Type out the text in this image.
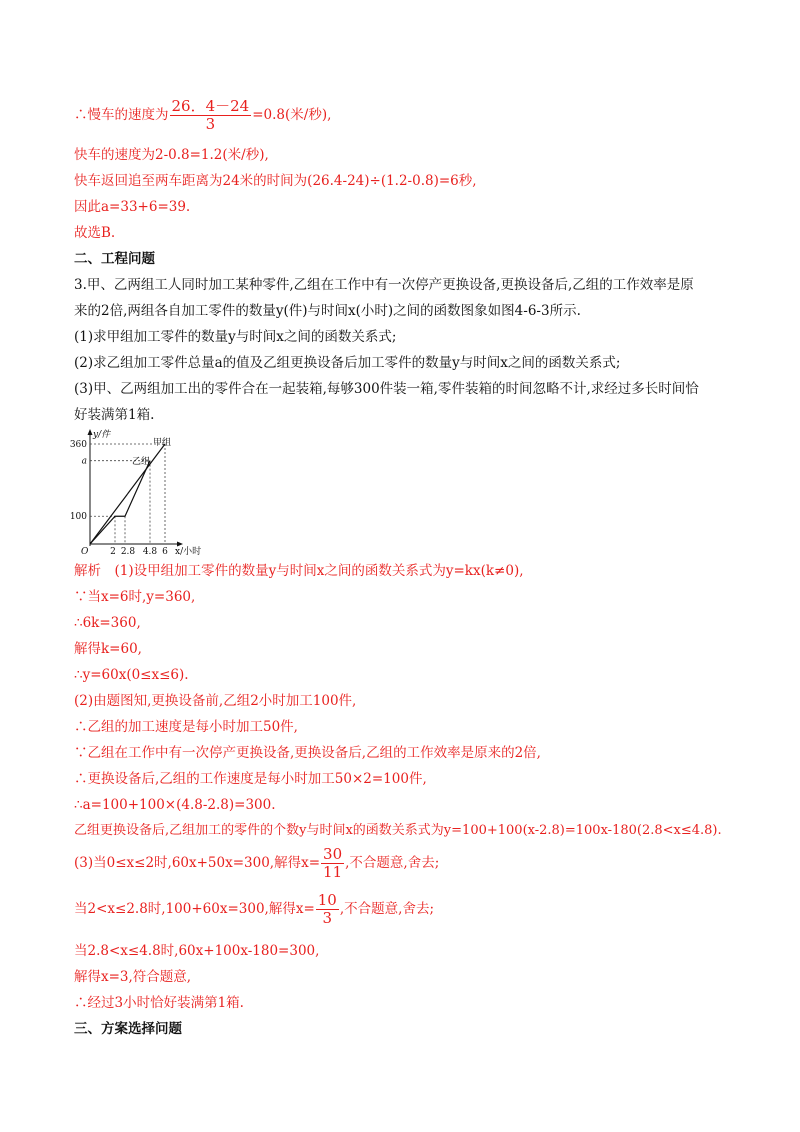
∴慢车的速度为 $\frac{26.4-24}{3} =0.8$(米/秒),
快车的速度为2-0.8=1.2(米/秒),
快车返回追至两车距离为24米的时间为(26.4-24)÷(1.2-0.8)=6秒,
因此a=33+6=39.
故选B.
二、工程问题
3.甲、乙两组工人同时加工某种零件,乙组在工作中有一次停产更换设备,更换设备后,乙组的工作效率是原
来的2倍,两组各自加工零件的数量y(件)与时间x(小时)之间的函数图象如图4-6-3所示.
(1)求甲组加工零件的数量y与时间x之间的函数关系式;
(2)求乙组加工零件总量a的值及乙组更换设备后加工零件的数量y与时间x之间的函数关系式;
(3)甲、乙两组加工出的零件合在一起装箱,每够300件装一箱,零件装箱的时间忽略不计,求经过多长时间恰
好装满第1箱.
y/件
x/小时
O
360
a
100
2 2.8 4.8 6
甲组
乙组
解析　(1)设甲组加工零件的数量y与时间x之间的函数关系式为y=kx(k≠0),
∵当x=6时,y=360,
∴6k=360,
解得k=60,
∴y=60x(0≤x≤6).
(2)由题图知,更换设备前,乙组2小时加工100件,
∴乙组的加工速度是每小时加工50件,
∵乙组在工作中有一次停产更换设备,更换设备后,乙组的工作效率是原来的2倍,
∴更换设备后,乙组的工作速度是每小时加工50×2=100件,
∴a=100+100×(4.8-2.8)=300.
乙组更换设备后,乙组加工的零件的个数y与时间x的函数关系式为y=100+100(x-2.8)=100x-180(2.8<x≤4.8).
(3)当0≤x≤2时,60x+50x=300,解得$x= \frac{30}{11}$ ,不合题意,舍去;
当2<x≤2.8时,100+60x=300,解得$x= \frac{10}{3}$ ,不合题意,舍去;
当2.8<x≤4.8时,60x+100x-180=300,
解得x=3,符合题意,
∴经过3小时恰好装满第1箱.
三、方案选择问题
